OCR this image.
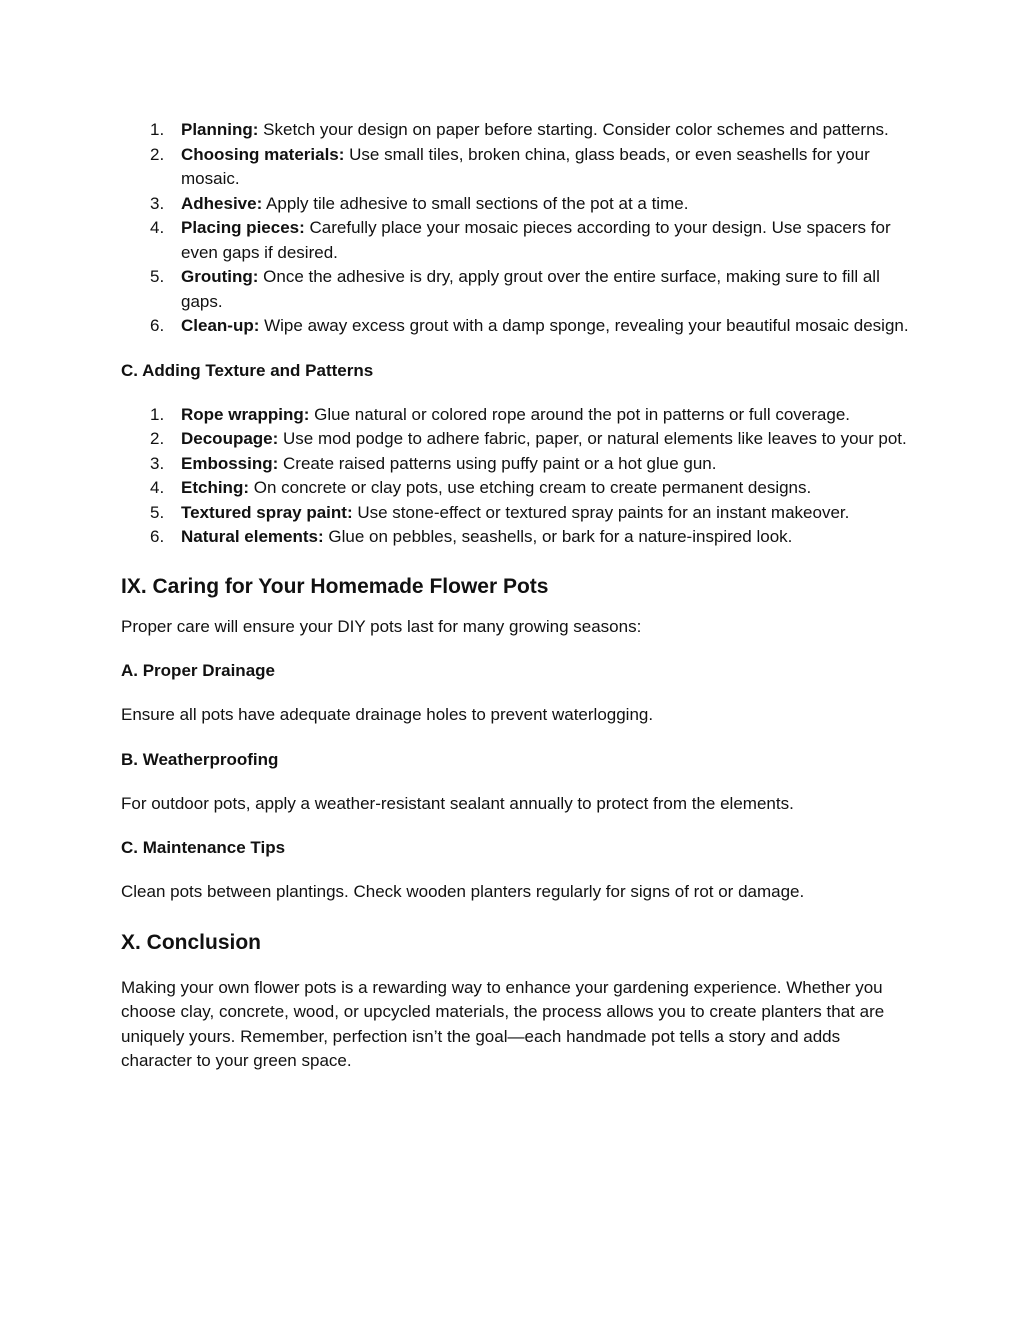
1. Planning: Sketch your design on paper before starting. Consider color schemes and patterns.
2. Choosing materials: Use small tiles, broken china, glass beads, or even seashells for your mosaic.
3. Adhesive: Apply tile adhesive to small sections of the pot at a time.
4. Placing pieces: Carefully place your mosaic pieces according to your design. Use spacers for even gaps if desired.
5. Grouting: Once the adhesive is dry, apply grout over the entire surface, making sure to fill all gaps.
6. Clean-up: Wipe away excess grout with a damp sponge, revealing your beautiful mosaic design.
C. Adding Texture and Patterns
1. Rope wrapping: Glue natural or colored rope around the pot in patterns or full coverage.
2. Decoupage: Use mod podge to adhere fabric, paper, or natural elements like leaves to your pot.
3. Embossing: Create raised patterns using puffy paint or a hot glue gun.
4. Etching: On concrete or clay pots, use etching cream to create permanent designs.
5. Textured spray paint: Use stone-effect or textured spray paints for an instant makeover.
6. Natural elements: Glue on pebbles, seashells, or bark for a nature-inspired look.
IX. Caring for Your Homemade Flower Pots

Proper care will ensure your DIY pots last for many growing seasons:

A. Proper Drainage

Ensure all pots have adequate drainage holes to prevent waterlogging.

B. Weatherproofing

For outdoor pots, apply a weather-resistant sealant annually to protect from the elements.

C. Maintenance Tips

Clean pots between plantings. Check wooden planters regularly for signs of rot or damage.

X. Conclusion

Making your own flower pots is a rewarding way to enhance your gardening experience. Whether you choose clay, concrete, wood, or upcycled materials, the process allows you to create planters that are uniquely yours. Remember, perfection isn’t the goal—each handmade pot tells a story and adds character to your green space.
